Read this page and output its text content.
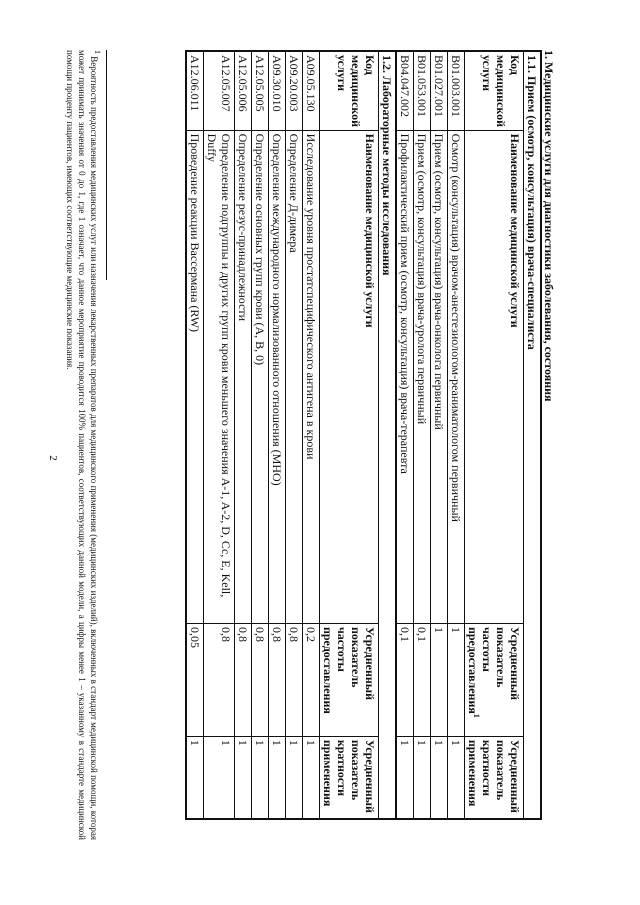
2
1. Медицинские услуги для диагностики заболевания, состояния
1.1. Прием (осмотр, консультация) врача-специалиста			
Код медицинской услуги	Наименование медицинской услуги	Усредненный показатель частоты предоставления$^1$	Усредненный показатель кратности применения
B01.003.001	Осмотр (консультация) врачом-анестезиологом-реаниматологом первичный	1	1
B01.027.001	Прием (осмотр, консультация) врача-онколога первичный	1	1
B01.053.001	Прием (осмотр, консультация) врача-уролога первичный	0,1	1
B04.047.002	Профилактический прием (осмотр, консультация) врача-терапевта	0,1	1
1.2. Лабораторные методы исследования			
Код медицинской услуги	Наименование медицинской услуги	Усредненный показатель частоты предоставления	Усредненный показатель кратности применения
A09.05.130	Исследование уровня простатспецифического антигена в крови	0,2	1
A09.20.003	Определение Д-димера	0,8	1
A09.30.010	Определение международного нормализованного отношения (МНО)	0,8	1
A12.05.005	Определение основных групп крови (A, B, 0)	0,8	1
A12.05.006	Определение резус-принадлежности	0,8	1
A12.05.007	Определение подгруппы и других групп крови меньшего значения A-1, A-2, D, Cc, E, Kell, Duffy	0,8	1
A12.06.011	Проведение реакции Вассермана (RW)	0,05	1
$^1$ Вероятность предоставления медицинских услуг или назначения лекарственных препаратов для медицинского применения (медицинских изделий), включенных в стандарт медицинской помощи, которая может принимать значения от 0 до 1, где 1 означает, что данное мероприятие проводится 100% пациентов, соответствующих данной модели, а цифры менее 1 – указанному в стандарте медицинской помощи проценту пациентов, имеющих соответствующие медицинские показания.
